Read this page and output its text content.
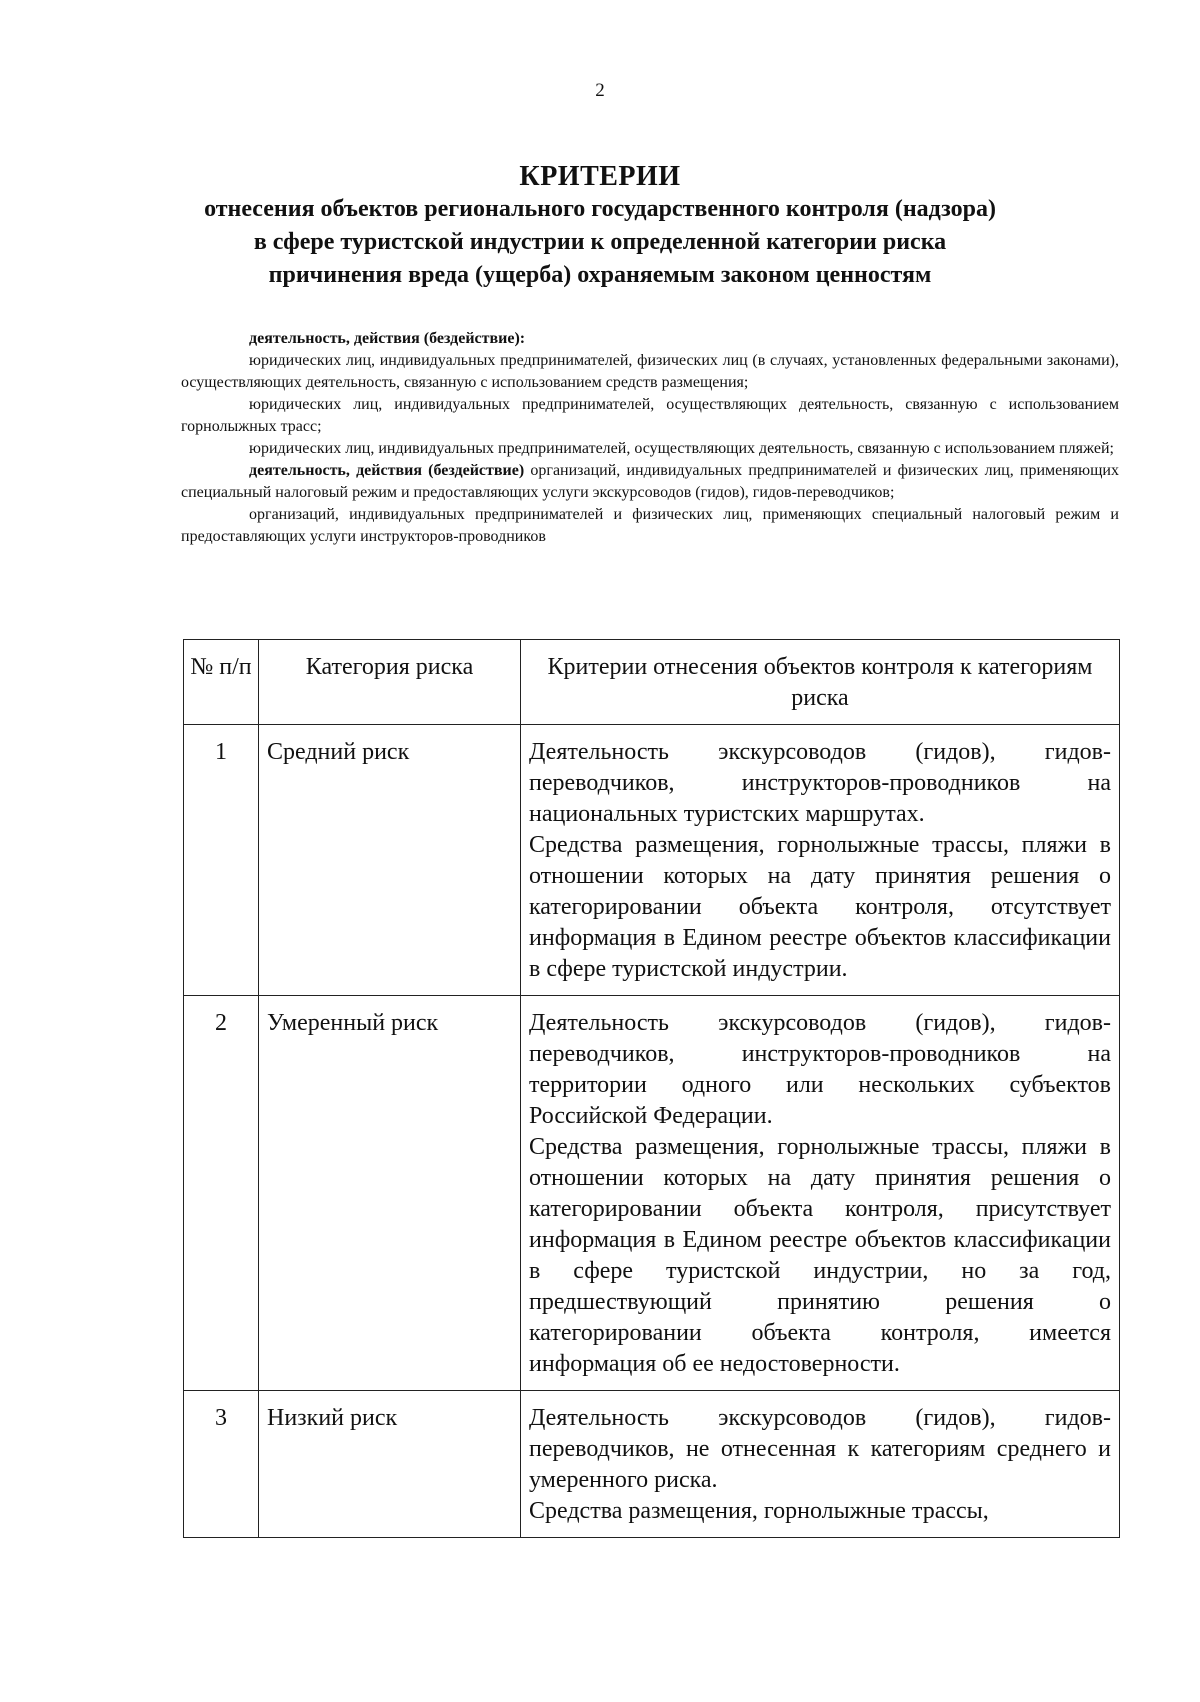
2
КРИТЕРИИ
отнесения объектов регионального государственного контроля (надзора)
в сфере туристской индустрии к определенной категории риска
причинения вреда (ущерба) охраняемым законом ценностям

деятельность, действия (бездействие):

юридических лиц, индивидуальных предпринимателей, физических лиц (в случаях, установленных федеральными законами), осуществляющих деятельность, связанную с использованием средств размещения;

юридических лиц, индивидуальных предпринимателей, осуществляющих деятельность, связанную с использованием горнолыжных трасс;

юридических лиц, индивидуальных предпринимателей, осуществляющих деятельность, связанную с использованием пляжей;

деятельность, действия (бездействие) организаций, индивидуальных предпринимателей и физических лиц, применяющих специальный налоговый режим и предоставляющих услуги экскурсоводов (гидов), гидов-переводчиков;

организаций, индивидуальных предпринимателей и физических лиц, применяющих специальный налоговый режим и предоставляющих услуги инструкторов-проводников

№ п/п	Категория риска	Критерии отнесения объектов контроля к категориям риска
1	Средний риск	Деятельность экскурсоводов (гидов), гидов-переводчиков, инструкторов-проводников на национальных туристских маршрутах.

Средства размещения, горнолыжные трассы, пляжи в отношении которых на дату принятия решения о категорировании объекта контроля, отсутствует информация в Едином реестре объектов классификации в сфере туристской индустрии.

2	Умеренный риск	Деятельность экскурсоводов (гидов), гидов-переводчиков, инструкторов-проводников на территории одного или нескольких субъектов Российской Федерации.

Средства размещения, горнолыжные трассы, пляжи в отношении которых на дату принятия решения о категорировании объекта контроля, присутствует информация в Едином реестре объектов классификации в сфере туристской индустрии, но за год, предшествующий принятию решения о категорировании объекта контроля, имеется информация об ее недостоверности.

3	Низкий риск	Деятельность экскурсоводов (гидов), гидов-переводчиков, не отнесенная к категориям среднего и умеренного риска.

Средства размещения, горнолыжные трассы,
